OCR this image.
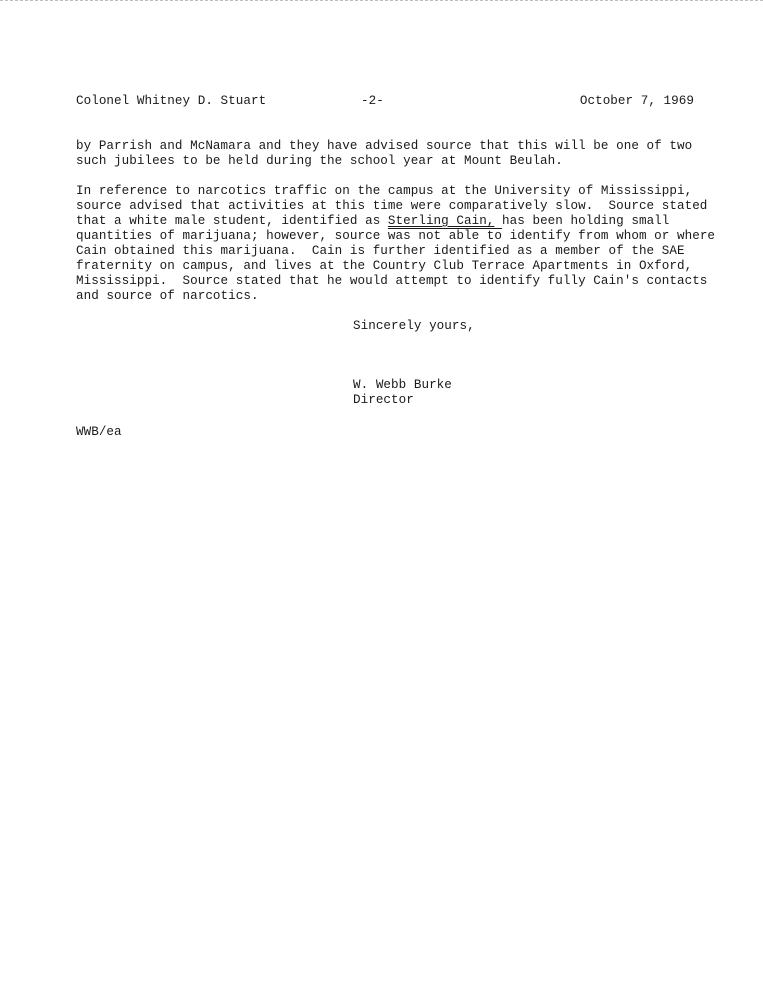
Colonel Whitney D. Stuart	-2-	October 7, 1969
by Parrish and McNamara and they have advised source that this will be one of two
such jubilees to be held during the school year at Mount Beulah.
In reference to narcotics traffic on the campus at the University of Mississippi,
source advised that activities at this time were comparatively slow.  Source stated
that a white male student, identified as Sterling Cain, has been holding small
quantities of marijuana; however, source was not able to identify from whom or where
Cain obtained this marijuana.  Cain is further identified as a member of the SAE
fraternity on campus, and lives at the Country Club Terrace Apartments in Oxford,
Mississippi.  Source stated that he would attempt to identify fully Cain's contacts
and source of narcotics.
Sincerely yours,
W. Webb Burke
Director
WWB/ea
